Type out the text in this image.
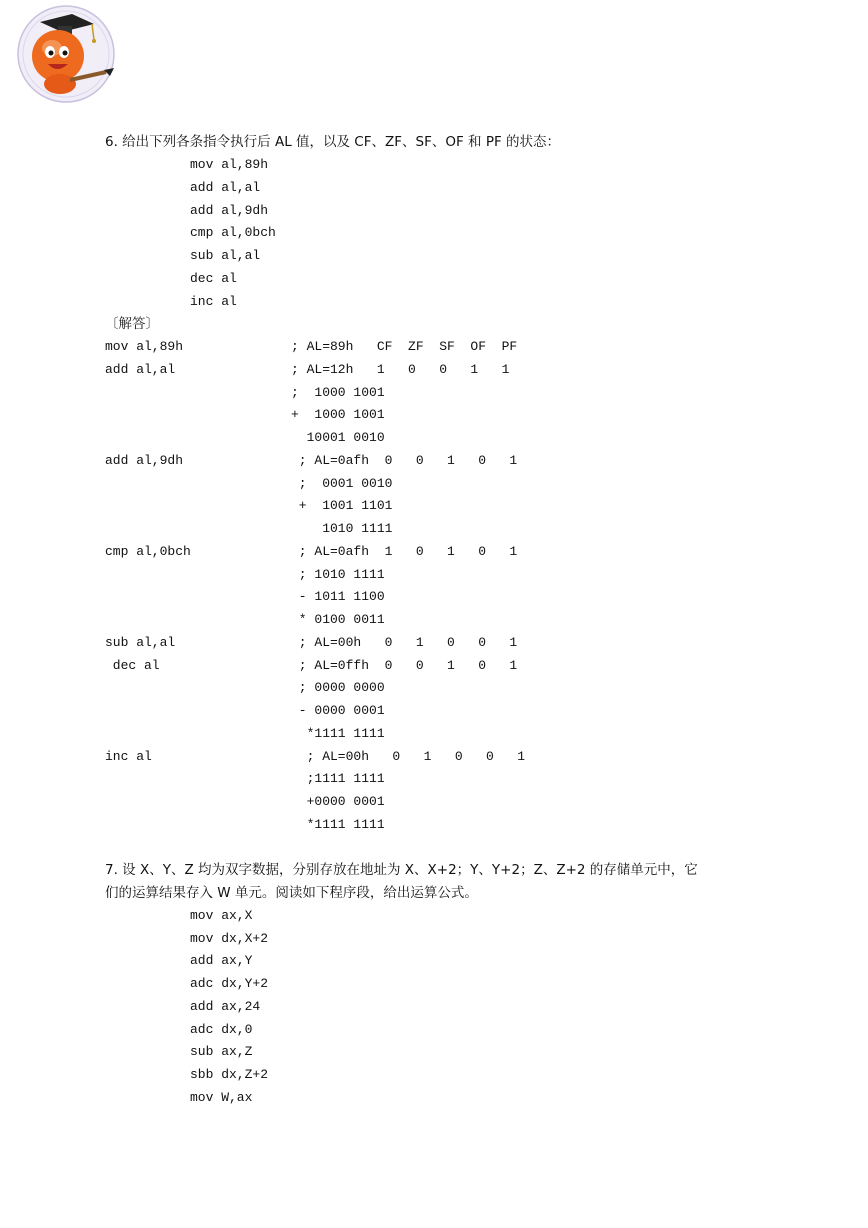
6. 给出下列各条指令执行后 AL 值，以及 CF、ZF、SF、OF 和 PF 的状态：
mov al,89h
add al,al
add al,9dh
cmp al,0bch
sub al,al
dec al
inc al
〔解答〕
mov al,89h	; AL=89h   CF  ZF  SF  OF  PF
add al,al	; AL=12h   1   0   0   1   1
;  1000 1001
+  1000 1001
10001 0010
add al,9dh	; AL=0afh  0   0   1   0   1
;  0001 0010
+  1001 1101
1010 1111
cmp al,0bch	; AL=0afh  1   0   1   0   1
; 1010 1111
- 1011 1100
* 0100 0011
sub al,al	; AL=00h   0   1   0   0   1
dec al	; AL=0ffh  0   0   1   0   1
; 0000 0000
- 0000 0001
*1111 1111
inc al	; AL=00h   0   1   0   0   1
;1111 1111
+0000 0001
*1111 1111
7. 设 X、Y、Z 均为双字数据，分别存放在地址为 X、X+2；Y、Y+2；Z、Z+2 的存储单元中，它
们的运算结果存入 W 单元。阅读如下程序段，给出运算公式。
mov ax,X
mov dx,X+2
add ax,Y
adc dx,Y+2
add ax,24
adc dx,0
sub ax,Z
sbb dx,Z+2
mov W,ax
